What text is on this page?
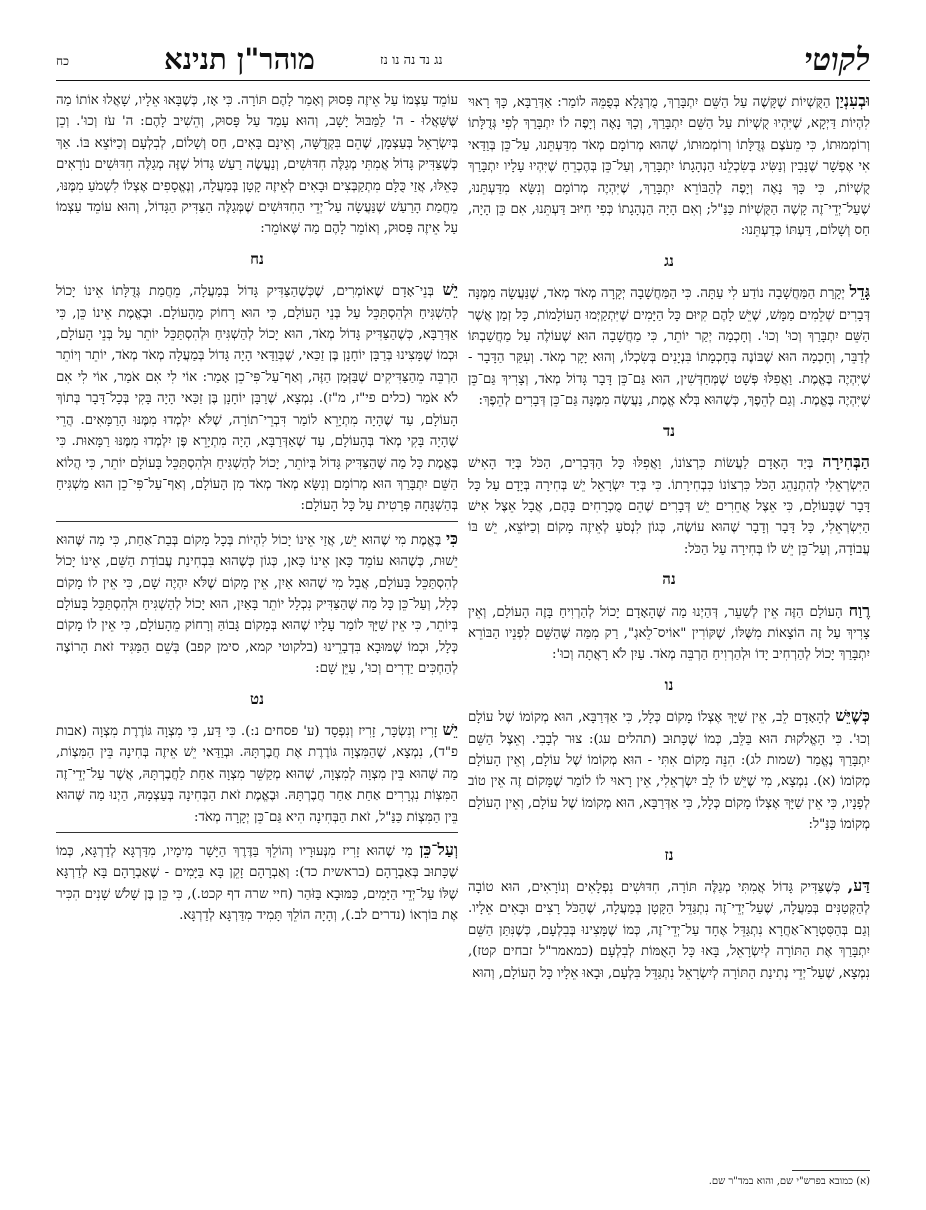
לקוטי
נג נד נה נו נז
מוהר"ן תנינא
כח

וּבְעִנְיַן הַקֻּשְׁיוֹת שֶׁקָּשֶׁה עַל הַשֵּׁם יִתְבָּרַךְ, מֻרְגָּלָא בְּפֻמֵּהּ לוֹמַר: אַדְּרַבָּא, כָּךְ רָאוּי לִהְיוֹת דַּיְקָא, שֶׁיִּהְיוּ קֻשְׁיוֹת עַל הַשֵּׁם יִתְבָּרַךְ, וְכָךְ נָאֶה וְיָפֶה לוֹ יִתְבָּרַךְ לְפִי גְּדֻלָּתוֹ וְרוֹמְמוּתוֹ, כִּי מֵעֹצֶם גְּדֻלָּתוֹ וְרוֹמְמוּתוֹ, שֶׁהוּא מְרוֹמָם מְאֹד מִדַּעְתֵּנוּ, עַל־כֵּן בְּוַדַּאי אִי אֶפְשָׁר שֶׁנָּבִין וְנַשִּׂיג בְּשִׂכְלֵנוּ הַנְהָגָתוֹ יִתְבָּרַךְ, וְעַל־כֵּן בְּהֶכְרֵחַ שֶׁיִּהְיוּ עָלָיו יִתְבָּרַךְ קֻשְׁיוֹת, כִּי כָּךְ נָאֶה וְיָפֶה לְהַבּוֹרֵא יִתְבָּרַךְ, שֶׁיִּהְיֶה מְרוֹמָם וְנִשָּׂא מִדַּעְתֵּנוּ, שֶׁעַל־יְדֵי־זֶה קָשֶׁה הַקֻּשְׁיוֹת כַּנַּ"ל; וְאִם הָיָה הַנְהָגָתוֹ כְּפִי חִיּוּב דַּעְתֵּנוּ, אִם כֵּן הָיָה, חַס וְשָׁלוֹם, דַּעְתּוֹ כְּדַעְתֵּנוּ:

נג

גָּדֵל יְקָרַת הַמַּחֲשָׁבָה נוֹדַע לִי עַתָּה. כִּי הַמַּחֲשָׁבָה יְקָרָה מְאֹד מְאֹד, שֶׁנַּעֲשָׂה מִמֶּנָּה דְּבָרִים שְׁלֵמִים מַמָּשׁ, שֶׁיֵּשׁ לָהֶם קִיּוּם כָּל הַיָּמִים שֶׁיִּתְקַיְּמוּ הָעוֹלָמוֹת, כָּל זְמַן אֲשֶׁר הַשֵּׁם יִתְבָּרַךְ וְכוּ' וְכוּ'. וְחָכְמָה יְקַר יוֹתֵר, כִּי מַחֲשָׁבָה הוּא שֶׁעוֹלֶה עַל מַחֲשַׁבְתּוֹ לְדַבֵּר, וְחָכְמָה הוּא שֶׁבּוֹנֶה בְּחָכְמָתוֹ בִּנְיָנִים בְּשִׂכְלוֹ, וְהוּא יָקָר מְאֹד. וְעִקַּר הַדָּבָר - שֶׁיִּהְיֶה בֶּאֱמֶת. וַאֲפִלּוּ פְּשָׁט שֶׁמְּחַדְּשִׁין, הוּא גַּם־כֵּן דָּבָר גָּדוֹל מְאֹד, וְצָרִיךְ גַּם־כֵּן שֶׁיִּהְיֶה בֶּאֱמֶת. וְגַם לְהֵפֶךְ, כְּשֶׁהוּא בְּלֹא אֱמֶת, נַעֲשֶׂה מִמֶּנָּה גַּם־כֵּן דְּבָרִים לְהֵפֶךְ:

נד

הַבְּחִירָה בְּיַד הָאָדָם לַעֲשׂוֹת כִּרְצוֹנוֹ, וַאֲפִלּוּ כָּל הַדְּבָרִים, הַכֹּל בְּיַד הָאִישׁ הַיִּשְׂרְאֵלִי לְהִתְנַהֵג הַכֹּל כִּרְצוֹנוֹ כִּבְחִירָתוֹ. כִּי בְּיַד יִשְׂרָאֵל יֵשׁ בְּחִירָה בְּיָדָם עַל כָּל דָּבָר שֶׁבָּעוֹלָם, כִּי אֵצֶל אֲחֵרִים יֵשׁ דְּבָרִים שֶׁהֵם מֻכְרָחִים בָּהֶם, אֲבָל אֵצֶל אִישׁ הַיִּשְׂרְאֵלִי, כָּל דָּבָר וְדָבָר שֶׁהוּא עוֹשֶׂה, כְּגוֹן לִנְסֹעַ לְאֵיזֶה מָקוֹם וְכַיּוֹצֵא, יֵשׁ בּוֹ עֲבוֹדָה, וְעַל־כֵּן יֵשׁ לוֹ בְּחִירָה עַל הַכֹּל:

נה

רֶוַח הָעוֹלָם הַזֶּה אֵין לְשַׁעֵר, דְּהַיְנוּ מַה שֶּׁהָאָדָם יָכוֹל לְהַרְוִיחַ בָּזֶה הָעוֹלָם, וְאֵין צָרִיךְ עַל זֶה הוֹצָאוֹת מִשֶּׁלּוֹ, שֶׁקּוֹרִין "אוֹיס־לֵאגְ", רַק מִמַּה שֶּׁהַשֵּׁם לִפְנֵיו הַבּוֹרֵא יִתְבָּרַךְ יָכוֹל לְהַרְחִיב יָדוֹ וּלְהַרְוִיחַ הַרְבֵּה מְאֹד. עַיִן לֹא רָאֲתָה וְכוּ':

נו

כְּשֶׁיֵּשׁ לְהָאָדָם לֵב, אֵין שַׁיָּךְ אֶצְלוֹ מָקוֹם כְּלָל, כִּי אַדְּרַבָּא, הוּא מְקוֹמוֹ שֶׁל עוֹלָם וְכוּ'. כִּי הָאֱלֹקוּת הוּא בַּלֵּב, כְּמוֹ שֶׁכָּתוּב (תהלים עג): צוּר לְבָבִי. וְאֵצֶל הַשֵּׁם יִתְבָּרַךְ נֶאֱמַר (שמות לג): הִנֵּה מָקוֹם אִתִּי - הוּא מְקוֹמוֹ שֶׁל עוֹלָם, וְאֵין הָעוֹלָם מְקוֹמוֹ (א). נִמְצָא, מִי שֶׁיֵּשׁ לוֹ לֵב יִשְׂרְאֵלִי, אֵין רָאוּי לוֹ לוֹמַר שֶׁמָּקוֹם זֶה אֵין טוֹב לְפָנָיו, כִּי אֵין שַׁיָּךְ אֶצְלוֹ מָקוֹם כְּלָל, כִּי אַדְּרַבָּא, הוּא מְקוֹמוֹ שֶׁל עוֹלָם, וְאֵין הָעוֹלָם מְקוֹמוֹ כַּנַּ"ל:

נז

דַּע, כְּשֶׁצַּדִּיק גָּדוֹל אֲמִתִּי מְגַלֶּה תּוֹרָה, חִדּוּשִׁים נִפְלָאִים וְנוֹרָאִים, הוּא טוֹבָה לְהַקְּטַנִּים בְּמַעֲלָה, שֶׁעַל־יְדֵי־זֶה נִתְגַּדֵּל הַקָּטָן בְּמַעֲלָה, שֶׁהַכֹּל רָצִים וּבָאִים אֵלָיו. וְגַם בְּהַסִּטְרָא־אַחֲרָא נִתְגַּדֵּל אֶחָד עַל־יְדֵי־זֶה, כְּמוֹ שֶׁמָּצִינוּ בְּבִלְעָם, כְּשֶׁנִּתַּן הַשֵּׁם יִתְבָּרַךְ אֶת הַתּוֹרָה לְיִשְׂרָאֵל, בָּאוּ כָּל הָאֻמּוֹת לְבִלְעָם (כמאמר"ל זבחים קטז), נִמְצָא, שֶׁעַל־יְדֵי נְתִינַת הַתּוֹרָה לְיִשְׂרָאֵל נִתְגַּדֵּל בִּלְעָם, וּבָאוּ אֵלָיו כָּל הָעוֹלָם, וְהוּא

עוֹמֵד עַצְמוֹ עַל אֵיזֶה פָּסוּק וְאָמַר לָהֶם תּוֹרָה. כִּי אָז, כְּשֶׁבָּאוּ אֵלָיו, שָׁאֲלוּ אוֹתוֹ מַה שֶּׁשָּׁאֲלוּ - ה' לַמַּבּוּל יָשָׁב, וְהוּא עָמַד עַל פָּסוּק, וְהֵשִׁיב לָהֶם: ה' עֹז וְכוּ'. וְכֵן בְּיִשְׂרָאֵל בְּעַצְמָן, שֶׁהֵם בִּקְדֻשָּׁה, וְאֵינָם בָּאִים, חַס וְשָׁלוֹם, לְבִלְעָם וְכַיּוֹצֵא בּוֹ. אַךְ כְּשֶׁצַּדִּיק גָּדוֹל אֲמִתִּי מְגַלֶּה חִדּוּשִׁים, וְנַעֲשֶׂה רַעַשׁ גָּדוֹל שֶׁזֶּה מְגַלֶּה חִדּוּשִׁים נוֹרָאִים כָּאֵלּוּ, אֲזַי כֻּלָּם מִתְקַבְּצִים וּבָאִים לְאֵיזֶה קָטָן בְּמַעֲלָה, וְנֶאֱסָפִים אֶצְלוֹ לִשְׁמֹעַ מִמֶּנּוּ, מֵחֲמַת הָרַעַשׁ שֶׁנַּעֲשָׂה עַל־יְדֵי הַחִדּוּשִׁים שֶׁמְּגַלֶּה הַצַּדִּיק הַגָּדוֹל, וְהוּא עוֹמֵד עַצְמוֹ עַל אֵיזֶה פָּסוּק, וְאוֹמֵר לָהֶם מַה שֶּׁאוֹמֵר:

נח

יֵשׁ בְּנֵי־אָדָם שֶׁאוֹמְרִים, שֶׁכְּשֶׁהַצַּדִּיק גָּדוֹל בְּמַעֲלָה, מֵחֲמַת גְּדֻלָּתוֹ אֵינוֹ יָכוֹל לְהַשְׁגִּיחַ וּלְהִסְתַּכֵּל עַל בְּנֵי הָעוֹלָם, כִּי הוּא רָחוֹק מֵהָעוֹלָם. וּבֶאֱמֶת אֵינוֹ כֵּן, כִּי אַדְּרַבָּא, כְּשֶׁהַצַּדִּיק גָּדוֹל מְאֹד, הוּא יָכוֹל לְהַשְׁגִּיחַ וּלְהִסְתַּכֵּל יוֹתֵר עַל בְּנֵי הָעוֹלָם, וּכְמוֹ שֶׁמָּצִינוּ בְּרַבָּן יוֹחָנָן בֶּן זַכַּאי, שֶׁבְּוַדַּאי הָיָה גָּדוֹל בְּמַעֲלָה מְאֹד מְאֹד, יוֹתֵר וְיוֹתֵר הַרְבֵּה מֵהַצַּדִּיקִים שֶׁבַּזְּמַן הַזֶּה, וְאַף־עַל־פִּי־כֵן אָמַר: אוֹי לִי אִם אֹמַר, אוֹי לִי אִם לֹא אֹמַר (כלים פי"ז, מ"ז). נִמְצָא, שֶׁרַבָּן יוֹחָנָן בֶּן זַכַּאי הָיָה בָּקִי בְּכָל־דָּבָר בְּתוֹךְ הָעוֹלָם, עַד שֶׁהָיָה מִתְיָרֵא לוֹמַר דִּבְרֵי־תוֹרָה, שֶׁלֹּא יִלְמְדוּ מִמֶּנּוּ הָרַמָּאִים. הֲרֵי שֶׁהָיָה בָּקִי מְאֹד בְּהָעוֹלָם, עַד שֶׁאַדְּרַבָּא, הָיָה מִתְיָרֵא פֶּן יִלְמְדוּ מִמֶּנּוּ רַמָּאוּת. כִּי בֶּאֱמֶת כָּל מַה שֶּׁהַצַּדִּיק גָּדוֹל בְּיוֹתֵר, יָכוֹל לְהַשְׁגִּיחַ וּלְהִסְתַּכֵּל בָּעוֹלָם יוֹתֵר, כִּי הֲלוֹא הַשֵּׁם יִתְבָּרַךְ הוּא מְרוֹמָם וְנִשָּׂא מְאֹד מְאֹד מִן הָעוֹלָם, וְאַף־עַל־פִּי־כֵן הוּא מַשְׁגִּיחַ בְּהַשְׁגָּחָה פְּרָטִית עַל כָּל הָעוֹלָם:

כִּי בֶּאֱמֶת מִי שֶׁהוּא יֵשׁ, אֲזַי אֵינוֹ יָכוֹל לִהְיוֹת בְּכָל מָקוֹם בְּבַת־אַחַת, כִּי מַה שֶּׁהוּא יֵשׁוּת, כְּשֶׁהוּא עוֹמֵד כָּאן אֵינוֹ כָּאן, כְּגוֹן כְּשֶׁהוּא בִּבְחִינַת עֲבוֹדַת הַשֵּׁם, אֵינוֹ יָכוֹל לְהִסְתַּכֵּל בָּעוֹלָם, אֲבָל מִי שֶׁהוּא אַיִן, אֵין מָקוֹם שֶׁלֹּא יִהְיֶה שָׁם, כִּי אֵין לוֹ מָקוֹם כְּלָל, וְעַל־כֵּן כָּל מַה שֶּׁהַצַּדִּיק נִכְלָל יוֹתֵר בָּאַיִן, הוּא יָכוֹל לְהַשְׁגִּיחַ וּלְהִסְתַּכֵּל בָּעוֹלָם בְּיוֹתֵר, כִּי אֵין שַׁיָּךְ לוֹמַר עָלָיו שֶׁהוּא בְּמָקוֹם גָּבוֹהַּ וְרָחוֹק מֵהָעוֹלָם, כִּי אֵין לוֹ מָקוֹם כְּלָל, וּכְמוֹ שֶׁמּוּבָא בִּדְבָרֵינוּ (בלקוטי קמא, סימן קפב) בְּשֵׁם הַמַּגִּיד זֹאת הָרוֹצֶה לְהַחְכִּים יַדְרִים וְכוּ', עַיֵּן שָׁם:

נט

יֵשׁ זָרִיז וְנִשְׂכָּר, זָרִיז וְנִפְסָד (ע' פסחים נ:). כִּי דַּע, כִּי מִצְוָה גּוֹרֶרֶת מִצְוָה (אבות פ"ד), נִמְצָא, שֶׁהַמִּצְוָה גּוֹרֶרֶת אֶת חֲבֶרְתָּהּ. וּבְוַדַּאי יֵשׁ אֵיזֶה בְּחִינָה בֵּין הַמִּצְוֹת, מַה שֶּׁהוּא בֵּין מִצְוָה לְמִצְוָה, שֶׁהוּא מְקַשֵּׁר מִצְוָה אַחַת לַחֲבֶרְתָּהּ, אֲשֶׁר עַל־יְדֵי־זֶה הַמִּצְוֹת נִגְרָרִים אַחַת אַחַר חֲבֶרְתָּהּ. וּבֶאֱמֶת זֹאת הַבְּחִינָה בְּעַצְמָהּ, הַיְנוּ מַה שֶּׁהוּא בֵּין הַמִּצְוֹת כַּנַּ"ל, זֹאת הַבְּחִינָה הִיא גַּם־כֵּן יְקָרָה מְאֹד:

וְעַל־כֵּן מִי שֶׁהוּא זָרִיז מִנְּעוּרָיו וְהוֹלֵךְ בַּדֶּרֶךְ הַיָּשָׁר מִימָיו, מִדַּרְגָּא לְדַרְגָּא, כְּמוֹ שֶׁכָּתוּב בְּאַבְרָהָם (בראשית כד): וְאַבְרָהָם זָקֵן בָּא בַּיָּמִים - שֶׁאַבְרָהָם בָּא לְדַרְגָּא שֶׁלּוֹ עַל־יְדֵי הַיָּמִים, כַּמּוּבָא בַּזֹּהַר (חיי שרה דף קכט.), כִּי כֵּן בֶּן שָׁלֹשׁ שָׁנִים הִכִּיר אֶת בּוֹרְאוֹ (נדרים לב.), וְהָיָה הוֹלֵךְ תָּמִיד מִדַּרְגָּא לְדַרְגָּא.

(א) כמובא בפרש"י שם, והוא במד"ר שם.
